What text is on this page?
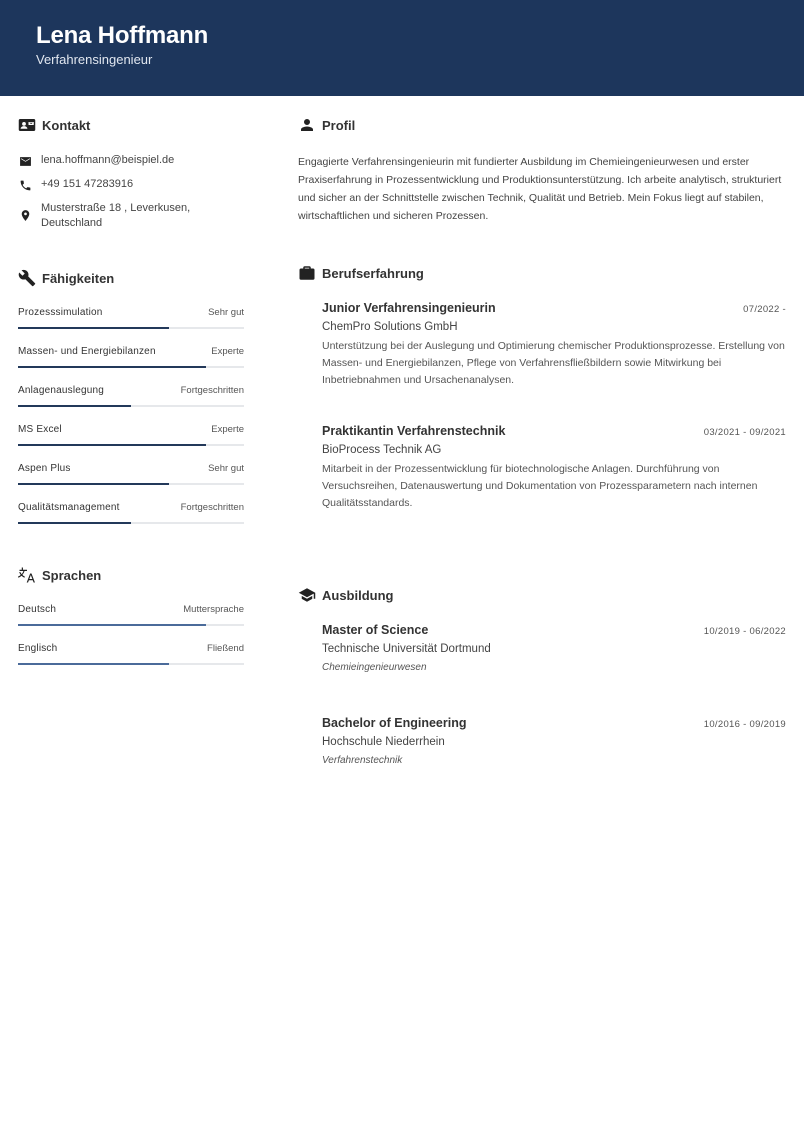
Lena Hoffmann
Verfahrensingenieur
Kontakt
lena.hoffmann@beispiel.de
+49 151 47283916
Musterstraße 18 , Leverkusen,
Deutschland
Fähigkeiten
Prozesssimulation	Sehr gut
Massen- und Energiebilanzen	Experte
Anlagenauslegung	Fortgeschritten
MS Excel	Experte
Aspen Plus	Sehr gut
Qualitätsmanagement	Fortgeschritten
Sprachen
Deutsch	Muttersprache
Englisch	Fließend
Profil
Engagierte Verfahrensingenieurin mit fundierter Ausbildung im Chemieingenieurwesen und erster Praxiserfahrung in Prozessentwicklung und Produktionsunterstützung. Ich arbeite analytisch, strukturiert und sicher an der Schnittstelle zwischen Technik, Qualität und Betrieb. Mein Fokus liegt auf stabilen, wirtschaftlichen und sicheren Prozessen.
Berufserfahrung
Junior Verfahrensingenieurin	07/2022 -
ChemPro Solutions GmbH
Unterstützung bei der Auslegung und Optimierung chemischer Produktionsprozesse. Erstellung von Massen- und Energiebilanzen, Pflege von Verfahrensfließbildern sowie Mitwirkung bei Inbetriebnahmen und Ursachenanalysen.
Praktikantin Verfahrenstechnik	03/2021 - 09/2021
BioProcess Technik AG
Mitarbeit in der Prozessentwicklung für biotechnologische Anlagen. Durchführung von Versuchsreihen, Datenauswertung und Dokumentation von Prozessparametern nach internen Qualitätsstandards.
Ausbildung
Master of Science	10/2019 - 06/2022
Technische Universität Dortmund
Chemieingenieurwesen
Bachelor of Engineering	10/2016 - 09/2019
Hochschule Niederrhein
Verfahrenstechnik
